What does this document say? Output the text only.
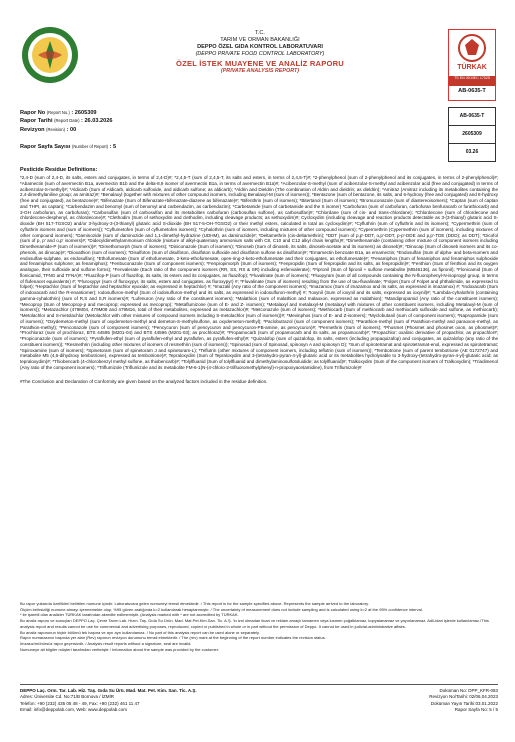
T.C.
TARIM VE ORMAN BAKANLIĞI
DEPPO ÖZEL GIDA KONTROL LABORATUVARI
(DEPPO PRIVATE FOOD CONTROL LABORATORY)
ÖZEL İSTEK MUAYENE VE ANALİZ RAPORU
(PRIVATE ANALYSIS REPORT)	TÜRKAK
TS EN ISO/IEC 17025
AB-0635-T
AB-0635-T
2605309
03.26
Rapor No (Report No.) : 2605309
Rapor Tarihi (Report Date) : 26.03.2026
Revizyon (Revision) : 00
Rapor Sayfa Sayısı (Number of Report) : 5
Pesticide Residue Definitions:
*2,4-D (sum of 2,4-D, its salts, esters and conjugates, in terms of 2,4-D)#; *2,4,5-T (sum of 2,4,5-T, its salts and esters, in terms of 2,4,5-T)#; *2-phenylphenol (sum of 2-phenylphenol and its conjugates, in terms of 2-phenylphenol)#; *Abamectin (sum of avermectin B1a, avermectin B1b and the delta-8,9 isomer of avermectin B1a, in terms of avermectin B1a)#; *Acibenzolar-S-methyl (sum of acibenzolar-S-methyl and acibenzolar acid (free and conjugated) in terms of acibenzolar-S-methyl)#; *Aldicarb (Sum of Aldicarb, aldicarb sulfoxide, and aldicarb sulfone; as aldicarb); *Aldrin and Dieldrin (The combination of Aldrin and dieldrin; as dieldrin); *Amitraz (Amitraz including its metabolites containing the 2,4-dimethylaniline group; as amitraz)#; *Benalaxyl (together with mixtures of other compound isomers, including Benalaxyl-M (sum of isomers)); *Bentazone (sum of bentazone, its salts, and 6-hydroxy (free and conjugated) and 8-hydroxy (free and conjugated), as bentazone)#; *Bifenazate (Sum of Bifenazate+bifenazate-diazene as bifenazate)#; *Bifenthrin (sum of isomers); *Bitertanol (Sum of isomers); *Bromuconazole (sum of diastereoisomers); *Captan (sum of captan and THPI, as captan); *Carbendazim and benomyl (sum of benomyl and carbendazim, as carbendazim); *Carbetamide (sum of carbetamide and the S isomer) *Carbofuran (sum of carbofuran, carbofuran benfuracarb or furathiocarb) and 3-OH carbofuran, as carbofuran); *Carbosulfan (sum of carbosulfan and its metabolites carbofuran (carbosulfan sulfone), as carbosulfan)#; *Chlordane (sum of cis- and trans-chlordane); *Chlordecone (sum of chlordecone and chlordecone-desphenyl, as chlordecone)#; *Clethodim (Sum of sethoxydim and clethodim, including cleavage products; as sethoxydim)#; Cycloxydim (including cleavage and reaction products detectable as 3-(3-thianyl) glutaric acid S-dioxide (BH 517-TGSO2) and/or 3-hydroxy-3-(3-thianyl) glutaric acid S-dioxide (BH 517-5-OH-TGSO2) or their methyl esters, calculated in total as cycloxydim)#; *Cyfluthrin (sum of cyfluthrin and its isomers); *Cypermethrin (sum of cyfluthrin isomers and (sum of isomers)); *Cyflumetofen (sum of cyflumetofen isomers); *Cyhalothrin (sum of isomers, including mixtures of other compound isomers); *Cypermethrin (Cypermethrin (sum of isomers), including mixtures of other compound isomers); *Daminozide (sum of daminozide and 1,1-dimethyl-hydrazine (UDHM), as daminozide)#; *Deltamethrin (cis-deltamethrin); *DDT (sum of p,p'-DDT, o,p'-DDT, p-p'-DDE and p,p'-TDE (DDD); as DDT); *Dicofol (sum of p, p' and o,p' isomers)#; *Didecyldimethylammonium chloride (mixture of alkyl-quaternary ammonium salts with C8, C10 and C12 alkyl chain lengths)#; *Dimethenamide (containing other mixture of component isomers including Dimethenamide-P (sum of isomers))#; *Dimethomorph (Sum of isomers); *Diniconazole (Sum of isomers); *Dinoseb (Sum of dinoseb, its salts, dinoseb-acetate and its isomers) as dinoseb)#; *Dinocap (Sum of dinoseb isomers and its co-phenols, as dinocap)#; *Dioxathion (sum of isomers); *Disulfoton (Sum of disulfoton, disulfoton sulfoxide and disulfoton sulfone as disulfoton)#; *Emamectin benzoate B1a, as emamectin; *Endosulfan (Sum of alpha- and beta-isomers and endosulfan-sulphate, as endosulfan); *Ethofumesate (Sum of ethofumesate, 2-keto-ethofumesate, open-ring-2-keto-ethofumesate and their conjugates, as ethofumesate)#; *Fenamiphos (Sum of fenamiphos and fenamiphos sulphoxide and fenamiphos sulphone; as fenamiphos); *Fenbuconazole (Sum of component isomers); *Fenpropimorph (Sum of isomers); *Fenpropidin (Sum of fenpropidin and its salts, as fenpropidin)#; *Fenthion (Sum of fenthion and its oxygen analogue, their sulfoxide and sulfone forms); *Fenvalerate (Each ratio of the component isomers (RR, SS, RS & SR) including esfenvalerate); *Fipronil (Sum of fipronil + sulfone metabolite (MB46136), as fipronil); *Flonicamid (Sum of flonicamid, TFNG and TFNA)#; *Fluazifop-P (sum of fluazifop, its salts, its esters and its conjugates, as fluazifop); *Fluvalinate (sum of isomers); *Fluopyram (sum of all compounds containing the N-fluorophenyl-N-isopropyl group, in terms of flufenacet equivalents) #; *Fluroxypyr (sum of fluroxypyr, its salts, esters and conjugates, as fluroxypyr) #; *Fluvalinate (Sum of isomers) resulting from the use of tau-fluvalinate; *Folpet (Sum of Folpet and phthalimide, as expressed to folpet); *Heptachlor (Sum of heptachlor and heptachlor epoxide; as expressed in heptachlor) #; *Imazalil (Any ratio of the component isomers); *Imazamox (Sum of imazamox and its salts, as expressed in imazamox) #; *Indoxacarb (Sum of indoxacarb and the R-enantiomer); Iodosulfuron-methyl (Sum of iodosulfuron-methyl and its salts, as expressed in iodosulfuron-methyl) #; *Ioxynil (Sum of ioxynil and its salts, expressed as ioxynil)#; *Lambda-cyhalothrin (containing gamma-cyhalothrin) (sum of R,S and S,R isomers)#; *Lufenuron (Any ratio of the constituent isomers); *Malathion (sum of malathion and malaoxon, expressed as malathion); *Mandipropamid (Any ratio of the constituent isomers); *Mecoprop (Sum of Mecoprop-p and mecoprop; expressed as mecoprop); *Metaflumizone (sum of E- and Z- isomers); *Metalaxyl and metalaxyl-M (metalaxyl with mixtures of other constituent isomers, including Metalaxyl-M (sum of isomers)); *Metazachlor (479M04, 479M08 and 479M16, total of their metabolites, expressed as metazachlor)#; *Metconazole (sum of isomers); *Methiocarb (Sum of methiocarb and methiocarb sulfoxide and sulfone, as methiocarb); *Metolachlor and S-metolachlor (Metolachlor with other mixtures of compound isomers including S-metolachlor (sum of isomers))#; *Mevinphos (sum of E- and Z-isomers); *Myclobutanil (sum of component isomers); *Napropamide (sum of isomers); *Oxydemeton-methyl (sum of oxydemeton-methyl and demeton-S-methylsulfone, as oxydemeton-methyl); *Paclobutrazol (sum of component isomers); *Parathion-methyl (sum of Parathion-methyl and paraoxon-methyl, as Parathion-methyl); *Penconazole (sum of component isomers); *Pencycuron (sum of pencycuron and pencycuron-PB-amine, as pencycuron)#; *Permethrin (Sum of isomers); *Phosmet (Phosmet and phosmet oxon, as phosmet)#; *Prochloraz (sum of prochloraz, BTS 44595 (M201-04) and BTS 44596 (M201-03); as prochloraz)#; *Propamocarb (sum of propamocarb and its salts, as propamocarb)#; *Propachlor: oxalinic derivative of propachlor, as propachlor#; *Propiconazole (sum of isomers); *Pyraflufen-ethyl (sum of pyraflufen-ethyl and pyraflufen, as pyraflufen-ethyl)#; *Quizalofop (sum of quizalofop, its salts, esters (including propaquizafop) and conjugates, as quizalofop (any ratio of the constituent isomers)); *Resmethrin (including other mixtures of isomers of resmethrin (sum of isomers)); *Spinosad (sum of Spinosad, spinosyn A and spinosyn D); *Sum of spirotetramat and spirotetramat-enol, expressed as spirotetramat; *Spiroxamine (sum of isomers); *Spinetoram (sum of spinetoram J and spinetoram-L); *Teflutrin (other mixtures of component isomers, including teflutrin (sum of isomers)); *Tembotrione (sum of parent tembotrione (AE 0172747) and metabolite M5 (4,6-dihydroxy tembotrione), expressed as tembotrione)#; Tepraloxydim (Sum of Tepraloxydim and 3-(tetrahydro-pyran-4-yl)-glutaric acid or its metabolites hydrolysable to 3-hydroxy-(tetrahydro-pyran-4-yl)-glutaric acid; as tepraloxydim)#; *Thiobencarb (4-chlorobenzyl methyl sulfone, as thiobencarb)#; *Tolylfluanid (Sum of tolylfluanid and dimethylaminosulfotoluidide; as tolylfluanid)#; Tralkoxydim (Sum of the component isomers of Tralkoxydim); *Triadimenol (Any ratio of the component isomers); *Triflumizole (Triflumizole and its metabolite FM-6-1(N-(4-chloro-2-trifluoromethylphenyl)-n-propoxyacetamidine), from Triflumizole)#
#The Conclusion and Declaration of Conformity are given based on the analyzed factors included in the residue definition.
Bu rapor yukarıda özellikleri belirtilen numune içindir. Laboratuvara gelen numuneyi temsil etmektedir. / This report is for the sample specified above. Represents the sample arrived to the laboratory.
Ölçüm belirsizliği numune almayı içermemekte olup, %95 güven aralığında k=2 kullanılarak hesaplanmıştır. / The uncertainty of measurement does not include sampling and is calculated using k=2 at the 95% confidence interval.
* ile işaretli olan analizler TÜRKAK tarafından akredite edilmemiştir. (Analysis marked with * are not accredited by TÜRKAK.
Bu analiz raporu ve sonuçları DEPPO Laç. Çevre Tarım Lab. Hizm. Taş. Gıda Su Ürün. Mad. Mat.Pet.Kim.San. Tic. A.Ş. 'in izni olmadan ticari ve reklam amaçlı tamamen veya kısmen çoğaltılamaz, kopyalanamaz ve yayınlanamaz. Adli-idari işlerde kullanılamaz./This analysis report and results cannot be use for commercial and advertising purposes, reproduced, copied or published in whole or in part without the permission of Deppo. It cannot be used in judicial-administrative affairs.
Bu analiz raporunun hiçbir bölümü tek başına ve ayrı ayrı kullanılamaz. / No part of this analysis report can be used alone or separately.
Rapor numarasının başında yer alan (Rev) raporun revizyon durumunu temsil etmektedir. / The (rev) mark at the beginning of the report number indicates the revision status.
İmzasız/mühürsüz rapor geçersizdir. / Analysis result reports without a signature, seal are invalid.
Numuneye ait bilgiler müşteri tarafından verilmiştir / Information about the sample was provided by the customer.
DEPPO Laç. Orm. Tar. Lab. Hiz. Taş. Gıda Su Ürü. Mad. Mat. Pet. Kim. San. Tic. A.Ş.
Adres: Üniversite Cd. No:71/B Bornova / İZMİR
Telefon: +90 (232) 435 05 48 - 49, Fax: +90 (232) 461 11 47
Email: info@deppolab.com, Web: www.deppolab.com
Doküman No: DPP_KFR-083
Revizyon No/Tarihi: 02/06.04.2023
Doküman Yayın Tarihi:03.01.2022
Rapor Sayfa No: 5 / 5
